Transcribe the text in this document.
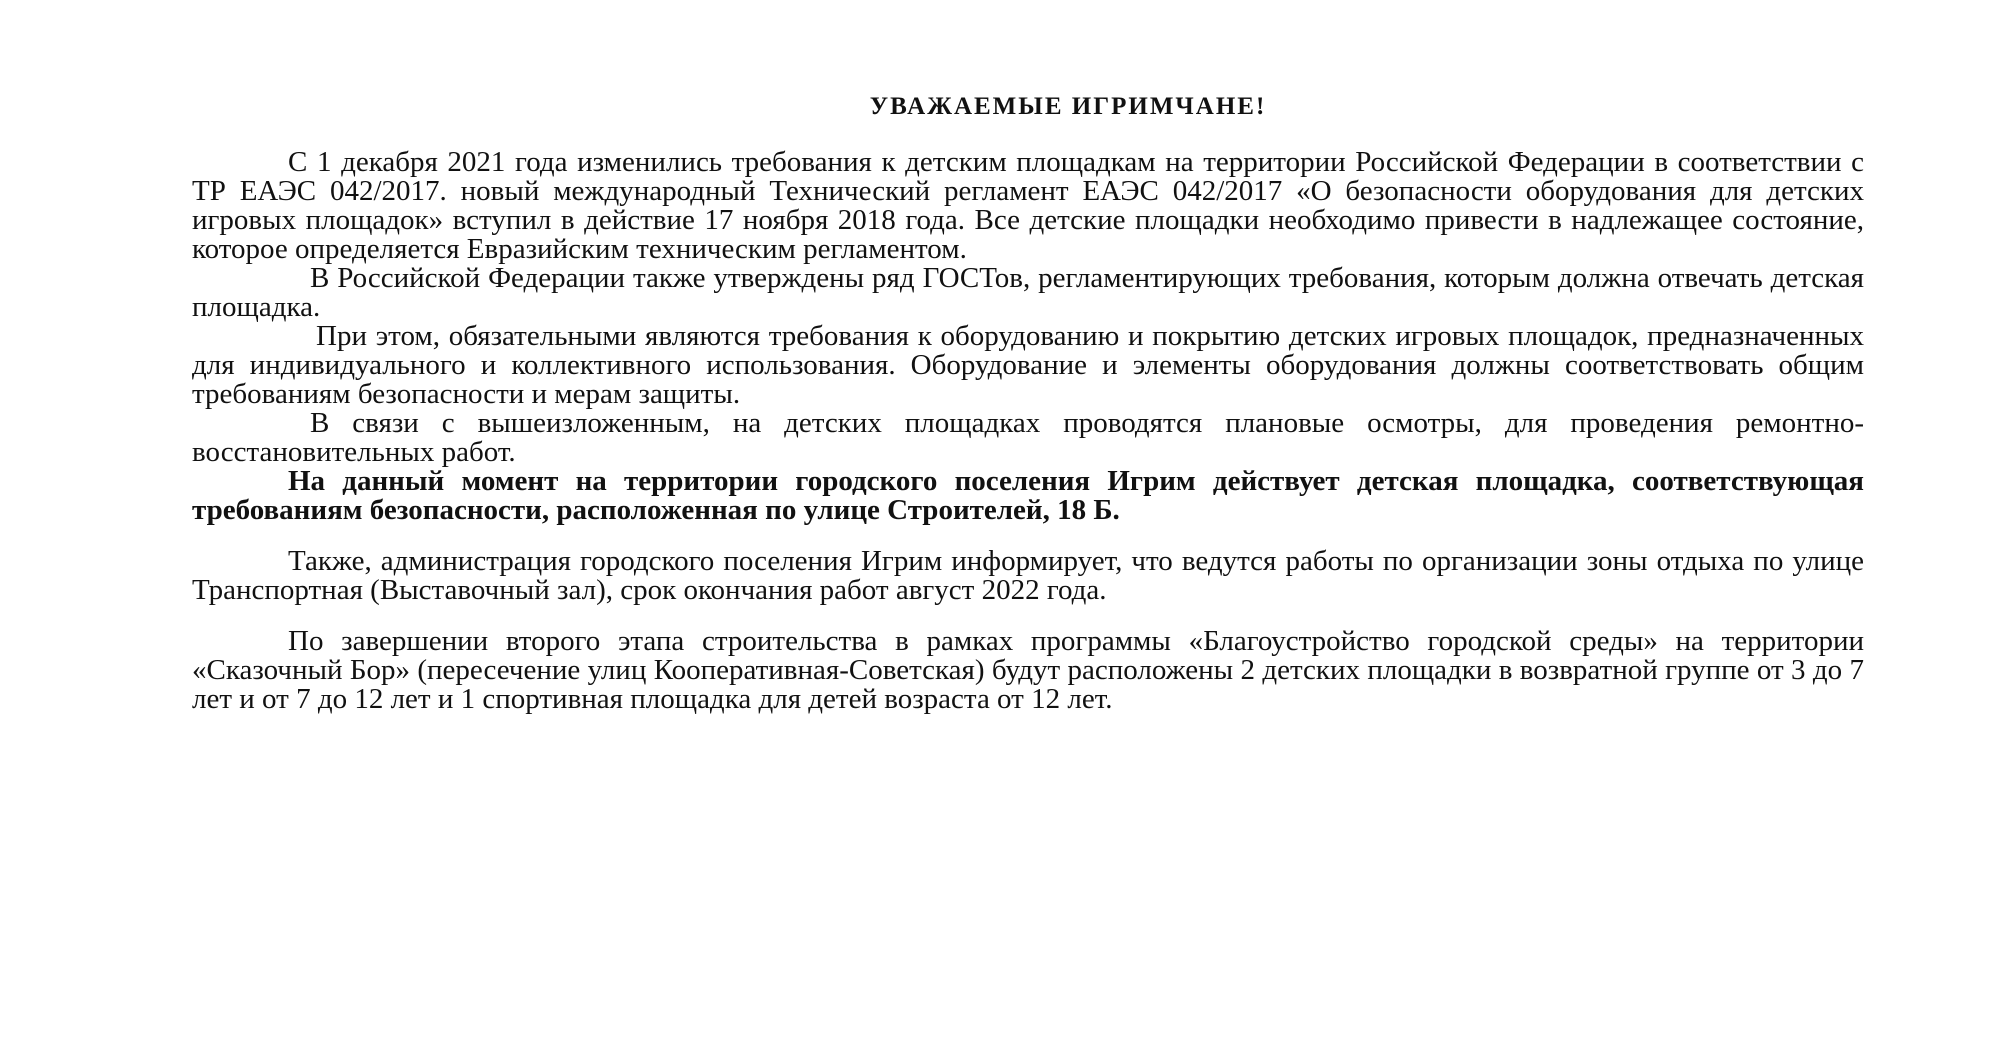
УВАЖАЕМЫЕ ИГРИМЧАНЕ!

С 1 декабря 2021 года изменились требования к детским площадкам на территории Российской Федерации в соответствии с ТР ЕАЭС 042/2017. новый международный Технический регламент ЕАЭС 042/2017 «О безопасности оборудования для детских игровых площадок» вступил в действие 17 ноября 2018 года. Все детские площадки необходимо привести в надлежащее состояние, которое определяется Евразийским техническим регламентом.

В Российской Федерации также утверждены ряд ГОСТов, регламентирующих требования, которым должна отвечать детская площадка.

При этом, обязательными являются требования к оборудованию и покрытию детских игровых площадок, предназначенных для индивидуального и коллективного использования. Оборудование и элементы оборудования должны соответствовать общим требованиям безопасности и мерам защиты.

В связи с вышеизложенным, на детских площадках проводятся плановые осмотры, для проведения ремонтно-восстановительных работ.

На данный момент на территории городского поселения Игрим действует детская площадка, соответствующая требованиям безопасности, расположенная по улице Строителей, 18 Б.

Также, администрация городского поселения Игрим информирует, что ведутся работы по организации зоны отдыха по улице Транспортная (Выставочный зал), срок окончания работ август 2022 года.

По завершении второго этапа строительства в рамках программы «Благоустройство городской среды» на территории «Сказочный Бор» (пересечение улиц Кооперативная-Советская) будут расположены 2 детских площадки в возвратной группе от 3 до 7 лет и от 7 до 12 лет и 1 спортивная площадка для детей возраста от 12 лет.
